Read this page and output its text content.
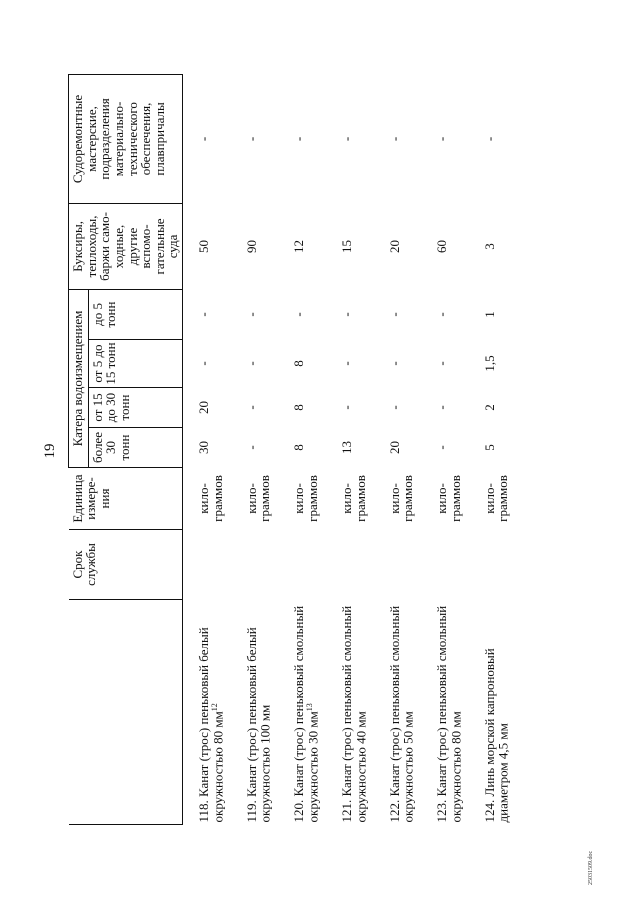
19
	Срок службы	Единица измере-ния	Катера водоизмещением				Буксиры, теплоходы, баржи само-ходные, другие вспомо-гательные суда	Судоремонтные мастерские, подразделения материально-технического обеспечения, плавпричалы
			более 30 тонн	от 15 до 30 тонн	от 5 до 15 тонн	до 5 тонн		
118. Канат (трос) пеньковый белый окружностью 80 $мм^{12}$		кило-граммов	30	20	-	-	50	-
119. Канат (трос) пеньковый белый окружностью 100 мм		кило-граммов	-	-	-	-	90	-
120. Канат (трос) пеньковый смольный окружностью 30 $мм^{13}$		кило-граммов	8	8	8	-	12	-
121. Канат (трос) пеньковый смольный окружностью 40 мм		кило-граммов	13	-	-	-	15	-
122. Канат (трос) пеньковый смольный окружностью 50 мм		кило-граммов	20	-	-	-	20	-
123. Канат (трос) пеньковый смольный окружностью 80 мм		кило-граммов	-	-	-	-	60	-
124. Линь морской капроновый диаметром 4,5 мм		кило-граммов	5	2	1,5	1	3	-
25031509.doc
